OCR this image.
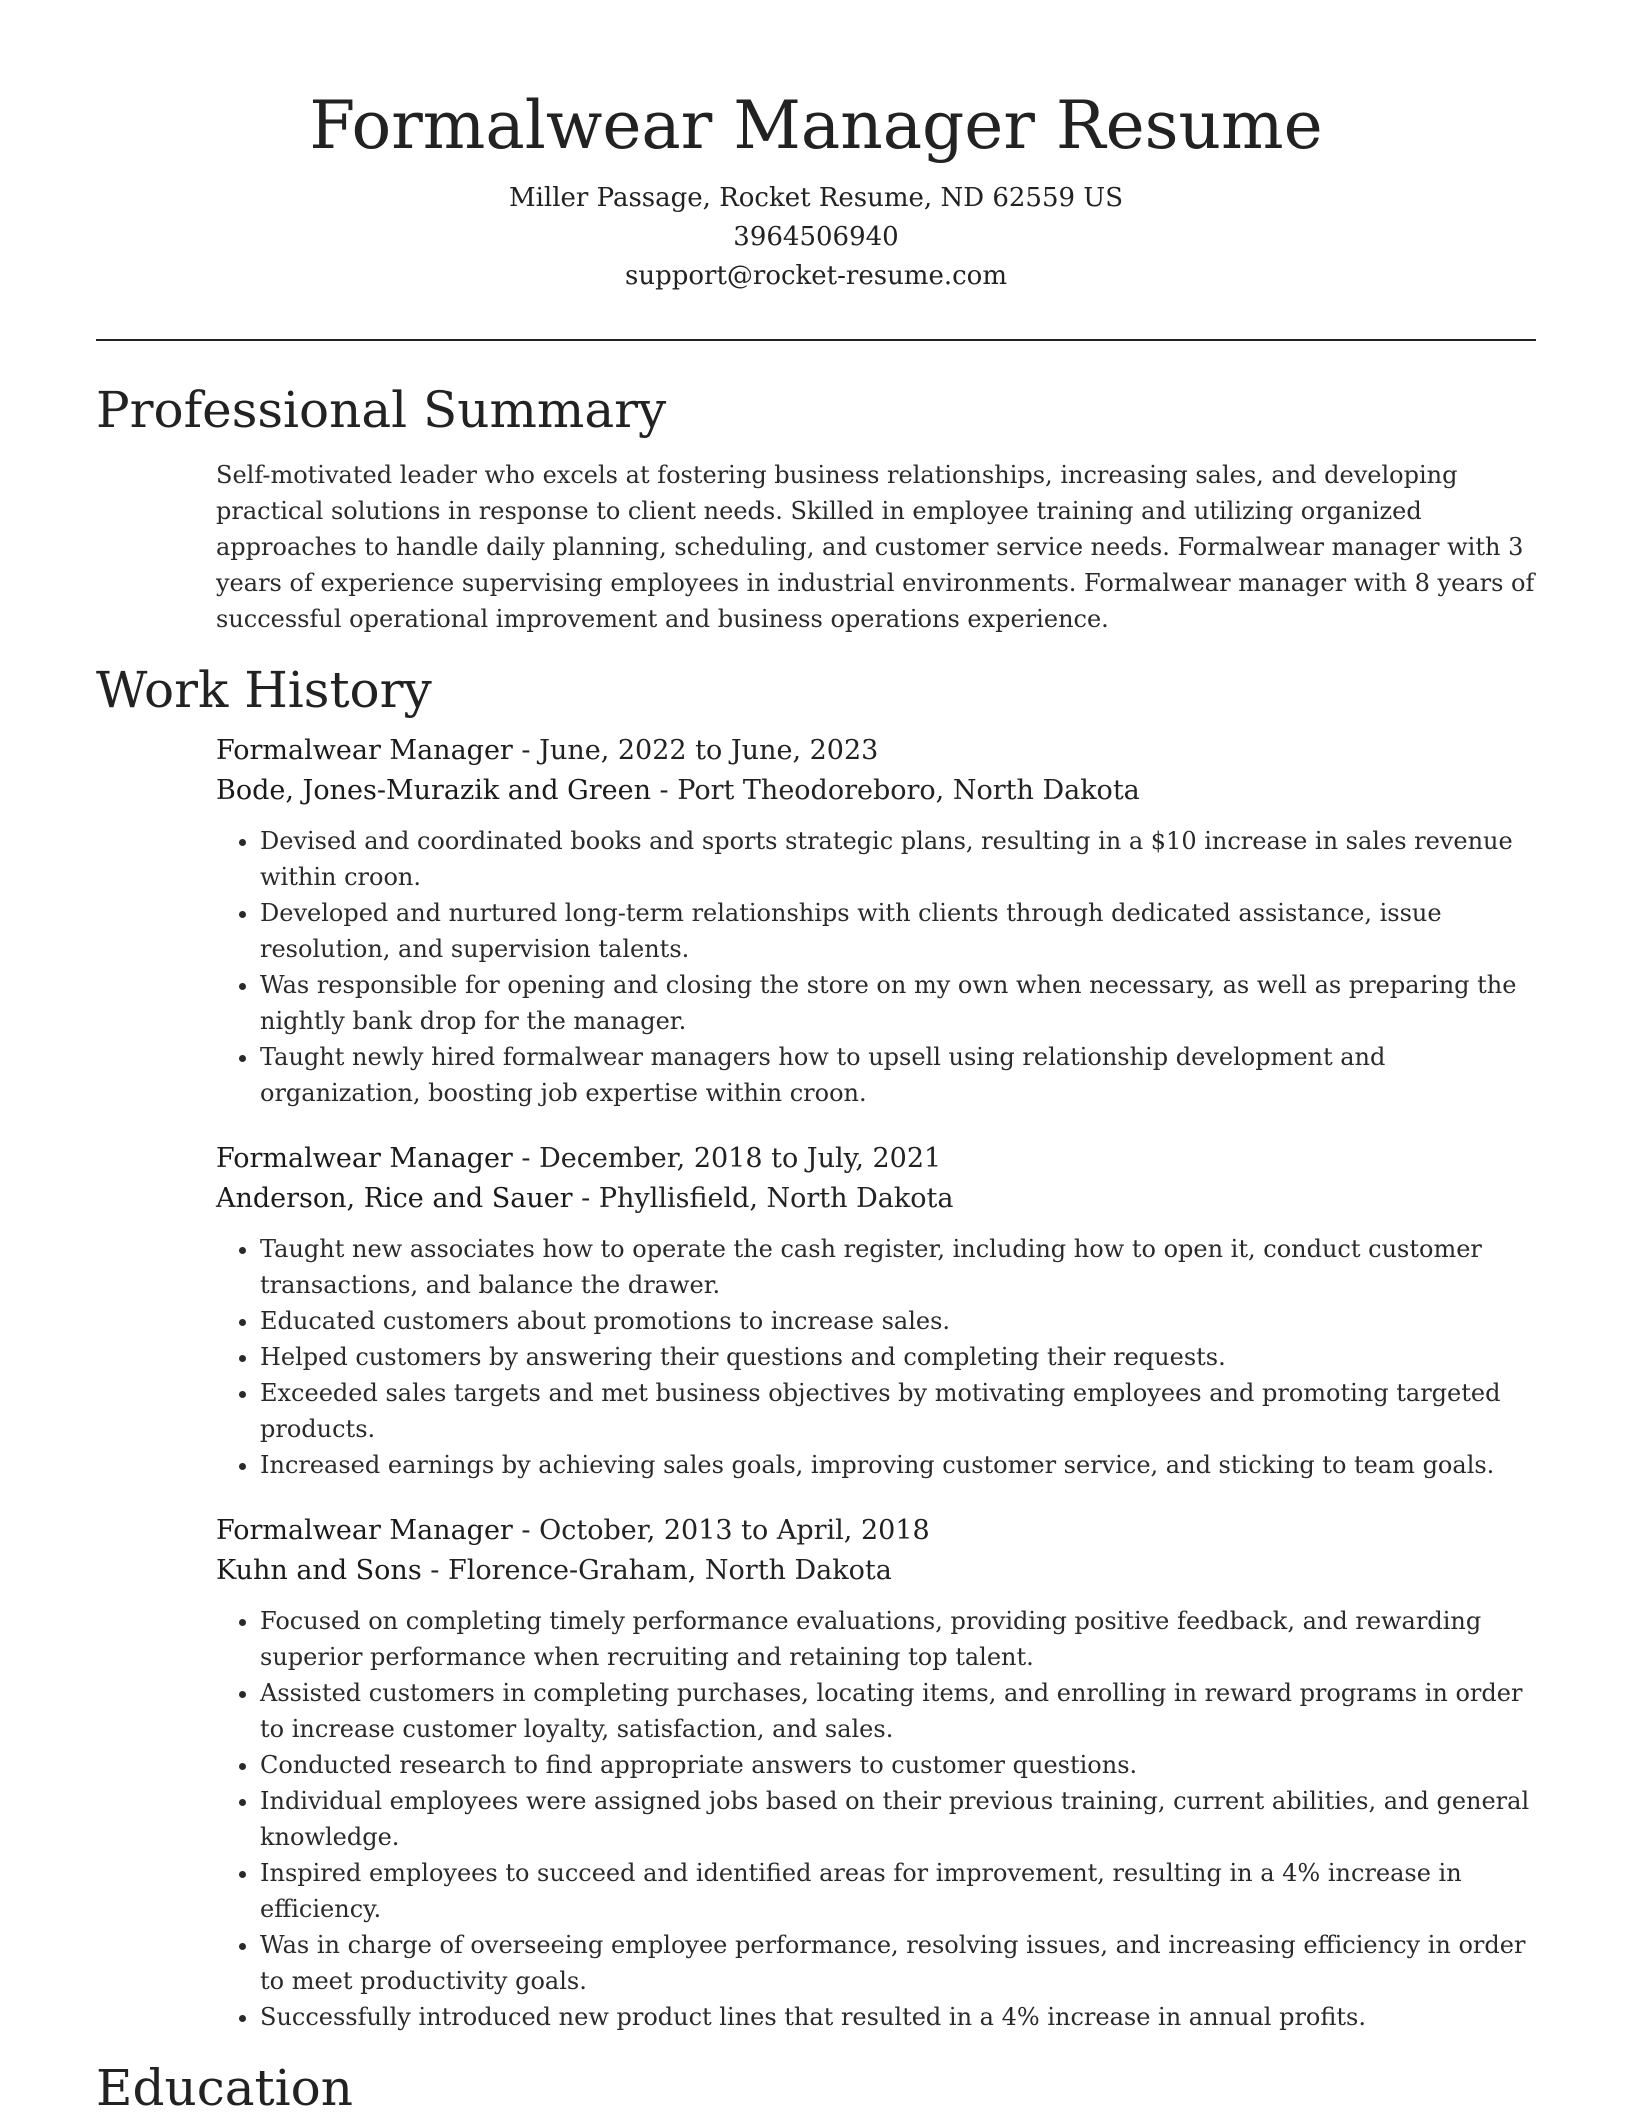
Formalwear Manager Resume

Miller Passage, Rocket Resume, ND 62559 US

3964506940

support@rocket-resume.com

Professional Summary

Self-motivated leader who excels at fostering business relationships, increasing sales, and developing practical solutions in response to client needs. Skilled in employee training and utilizing organized approaches to handle daily planning, scheduling, and customer service needs. Formalwear manager with 3 years of experience supervising employees in industrial environments. Formalwear manager with 8 years of successful operational improvement and business operations experience.

Work History

Formalwear Manager - June, 2022 to June, 2023

Bode, Jones-Murazik and Green - Port Theodoreboro, North Dakota

• Devised and coordinated books and sports strategic plans, resulting in a $10 increase in sales revenue within croon.
• Developed and nurtured long-term relationships with clients through dedicated assistance, issue resolution, and supervision talents.
• Was responsible for opening and closing the store on my own when necessary, as well as preparing the nightly bank drop for the manager.
• Taught newly hired formalwear managers how to upsell using relationship development and organization, boosting job expertise within croon.

Formalwear Manager - December, 2018 to July, 2021

Anderson, Rice and Sauer - Phyllisfield, North Dakota

• Taught new associates how to operate the cash register, including how to open it, conduct customer transactions, and balance the drawer.
• Educated customers about promotions to increase sales.
• Helped customers by answering their questions and completing their requests.
• Exceeded sales targets and met business objectives by motivating employees and promoting targeted products.
• Increased earnings by achieving sales goals, improving customer service, and sticking to team goals.

Formalwear Manager - October, 2013 to April, 2018

Kuhn and Sons - Florence-Graham, North Dakota

• Focused on completing timely performance evaluations, providing positive feedback, and rewarding superior performance when recruiting and retaining top talent.
• Assisted customers in completing purchases, locating items, and enrolling in reward programs in order to increase customer loyalty, satisfaction, and sales.
• Conducted research to find appropriate answers to customer questions.
• Individual employees were assigned jobs based on their previous training, current abilities, and general knowledge.
• Inspired employees to succeed and identified areas for improvement, resulting in a 4% increase in efficiency.
• Was in charge of overseeing employee performance, resolving issues, and increasing efficiency in order to meet productivity goals.
• Successfully introduced new product lines that resulted in a 4% increase in annual profits.
Education
